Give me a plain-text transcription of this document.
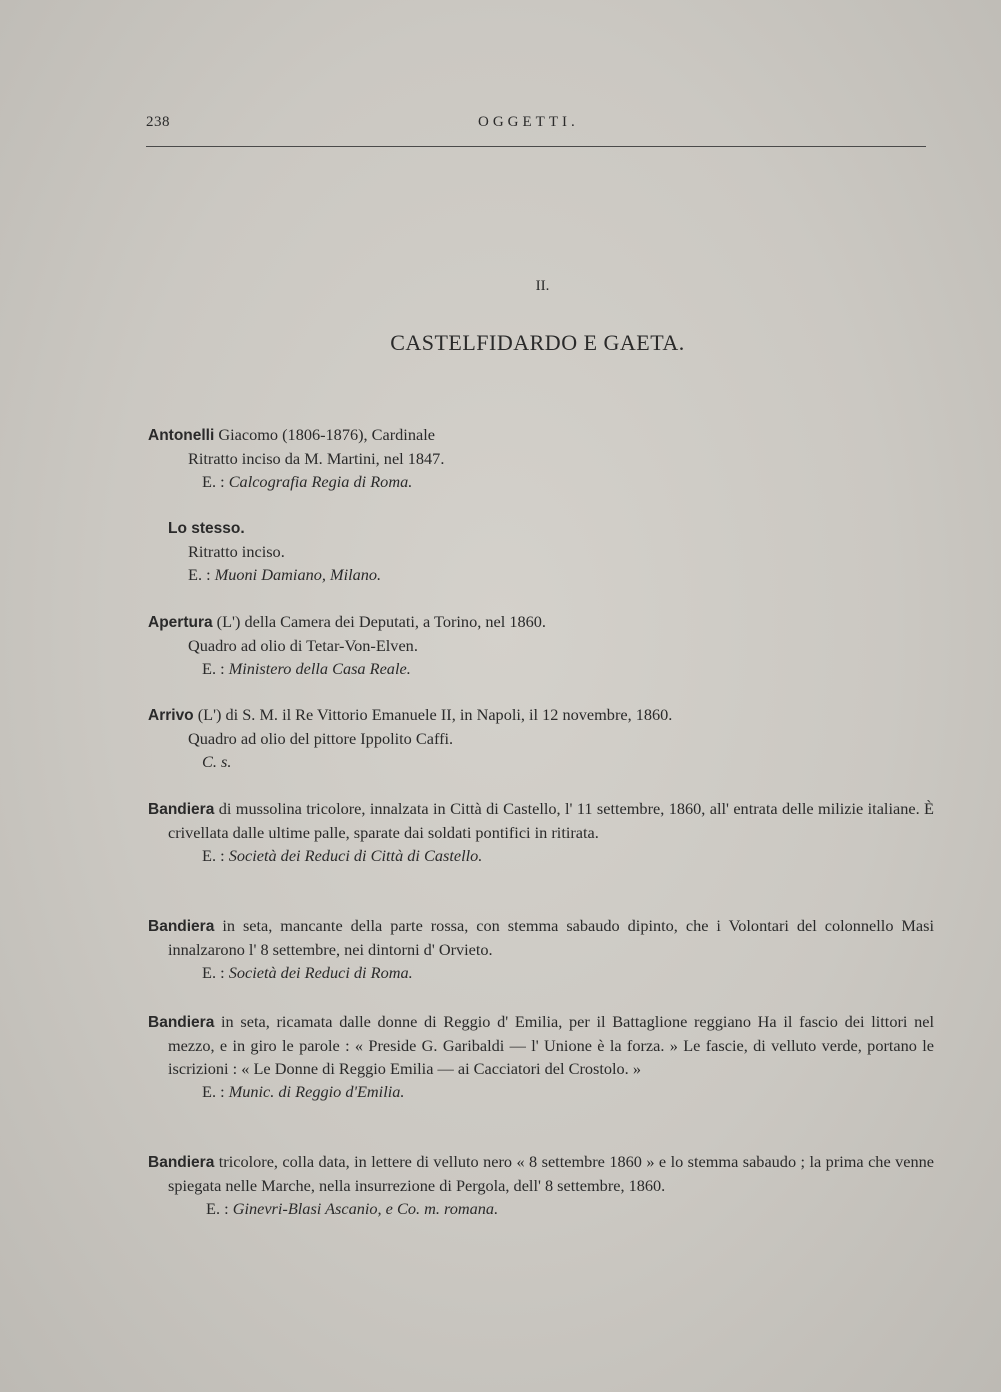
238	OGGETTI.
II.
CASTELFIDARDO E GAETA.
Antonelli Giacomo (1806-1876), Cardinale
Ritratto inciso da M. Martini, nel 1847.
E. : Calcografia Regia di Roma.
Lo stesso.
Ritratto inciso.
E. : Muoni Damiano, Milano.
Apertura (L') della Camera dei Deputati, a Torino, nel 1860.
Quadro ad olio di Tetar-Von-Elven.
E. : Ministero della Casa Reale.
Arrivo (L') di S. M. il Re Vittorio Emanuele II, in Napoli, il 12 novembre, 1860.
Quadro ad olio del pittore Ippolito Caffi.
C. s.
Bandiera di mussolina tricolore, innalzata in Città di Castello, l' 11 settembre, 1860, all' entrata delle milizie italiane. È crivellata dalle ultime palle, sparate dai soldati pontifici in ritirata.
E. : Società dei Reduci di Città di Castello.
Bandiera in seta, mancante della parte rossa, con stemma sabaudo dipinto, che i Volontari del colonnello Masi innalzarono l' 8 settembre, nei dintorni d' Orvieto.
E. : Società dei Reduci di Roma.
Bandiera in seta, ricamata dalle donne di Reggio d' Emilia, per il Battaglione reggiano Ha il fascio dei littori nel mezzo, e in giro le parole : « Preside G. Garibaldi — l' Unione è la forza. » Le fascie, di velluto verde, portano le iscrizioni : « Le Donne di Reggio Emilia — ai Cacciatori del Crostolo. »
E. : Munic. di Reggio d'Emilia.
Bandiera tricolore, colla data, in lettere di velluto nero « 8 settembre 1860 » e lo stemma sabaudo ; la prima che venne spiegata nelle Marche, nella insurrezione di Pergola, dell' 8 settembre, 1860.
E. : Ginevri-Blasi Ascanio, e Co. m. romana.
